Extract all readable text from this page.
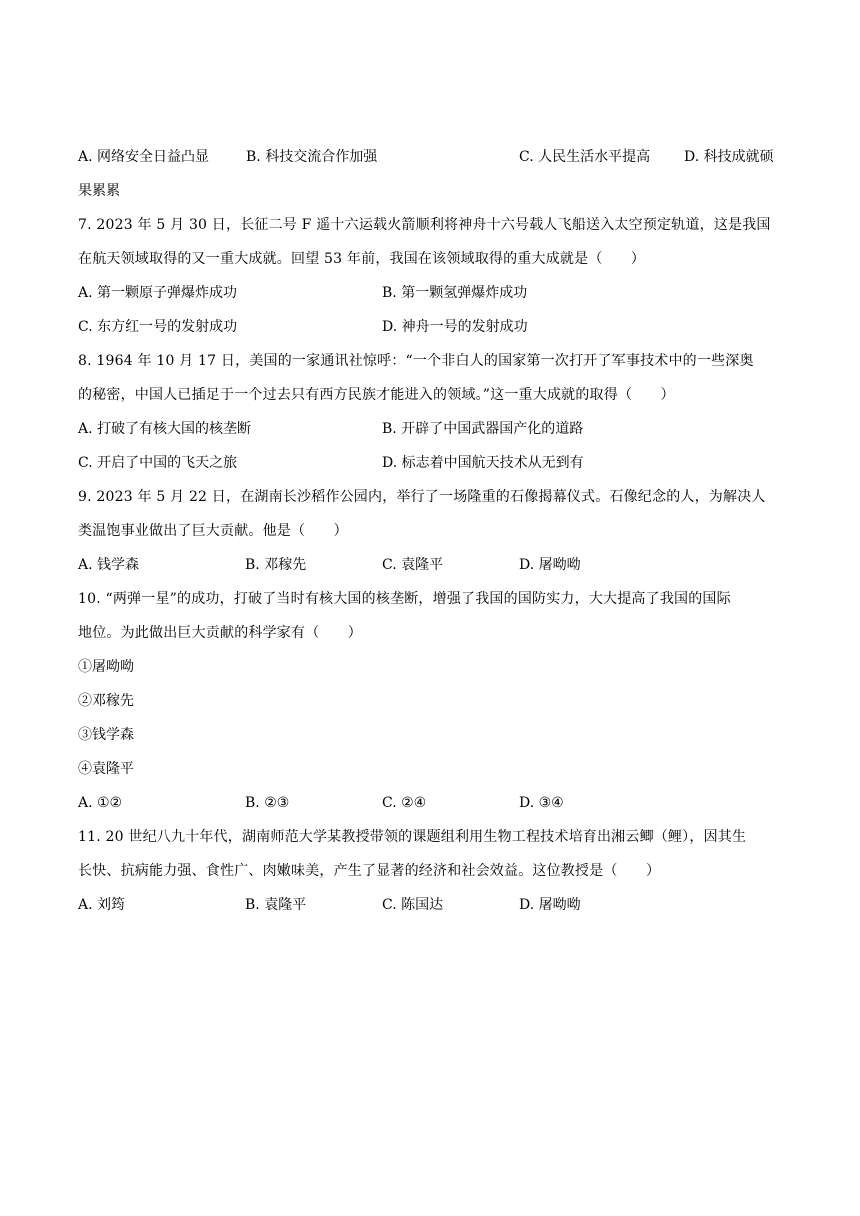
A. 网络安全日益凸显	B. 科技交流合作加强	C. 人民生活水平提高 D. 科技成就硕
果累累
7. 2023 年 5 月 30 日，长征二号 F 遥十六运载火箭顺利将神舟十六号载人飞船送入太空预定轨道，这是我国
在航天领域取得的又一重大成就。回望 53 年前，我国在该领域取得的重大成就是（　　）
A. 第一颗原子弹爆炸成功	B. 第一颗氢弹爆炸成功
C. 东方红一号的发射成功	D. 神舟一号的发射成功
8. 1964 年 10 月 17 日，美国的一家通讯社惊呼：“一个非白人的国家第一次打开了军事技术中的一些深奥
的秘密，中国人已插足于一个过去只有西方民族才能进入的领域。”这一重大成就的取得（　　）
A. 打破了有核大国的核垄断	B. 开辟了中国武器国产化的道路
C. 开启了中国的飞天之旅	D. 标志着中国航天技术从无到有
9. 2023 年 5 月 22 日，在湖南长沙稻作公园内，举行了一场隆重的石像揭幕仪式。石像纪念的人，为解决人
类温饱事业做出了巨大贡献。他是（　　）
A. 钱学森	B. 邓稼先	C. 袁隆平	D. 屠呦呦
10. “两弹一星”的成功，打破了当时有核大国的核垄断，增强了我国的国防实力，大大提高了我国的国际
地位。为此做出巨大贡献的科学家有（　　）
①屠呦呦
②邓稼先
③钱学森
④袁隆平
A. ①②	B. ②③	C. ②④	D. ③④
11. 20 世纪八九十年代，湖南师范大学某教授带领的课题组利用生物工程技术培育出湘云鲫（鲤），因其生
长快、抗病能力强、食性广、肉嫩味美，产生了显著的经济和社会效益。这位教授是（　　）
A. 刘筠	B. 袁隆平	C. 陈国达	D. 屠呦呦
